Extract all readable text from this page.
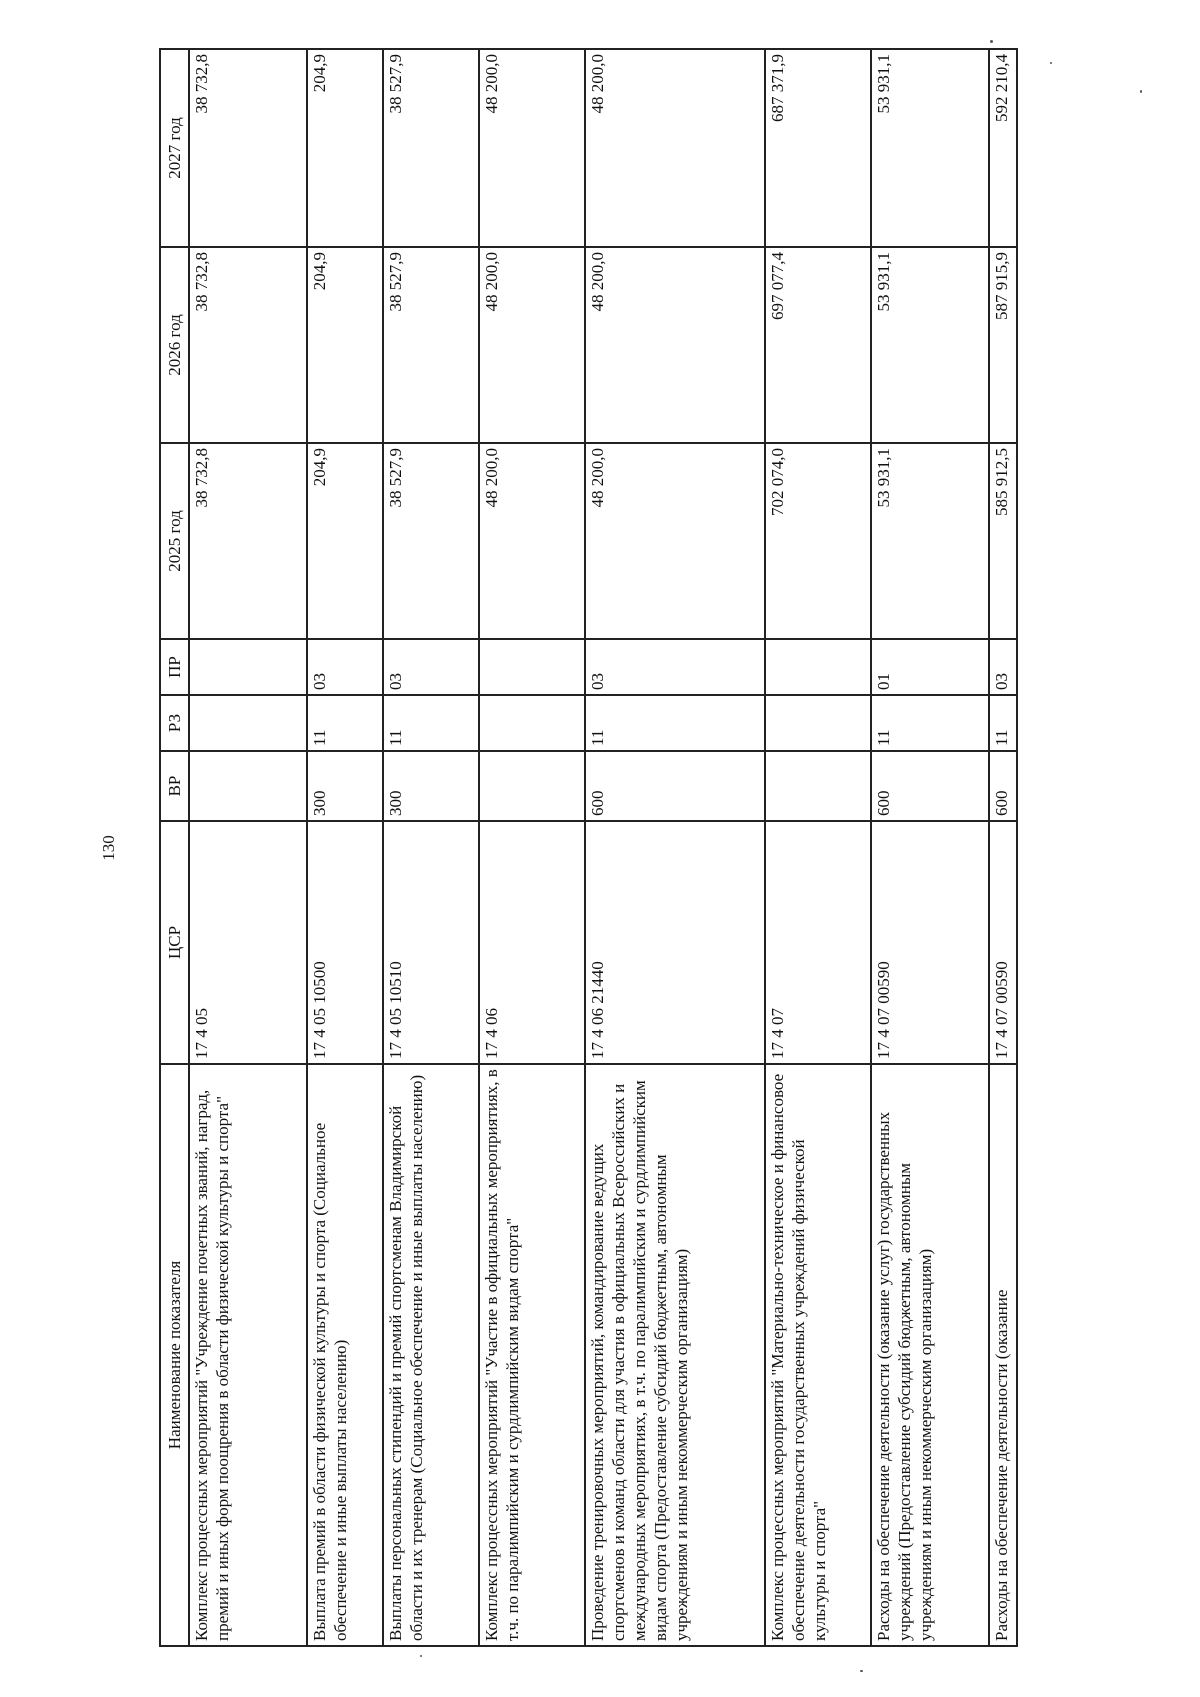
130
Наименование показателя	ЦСР	ВР	РЗ	ПР	2025 год	2026 год	2027 год
Комплекс процессных мероприятий "Учреждение почетных званий, наград, премий и иных форм поощрения в области физической культуры и спорта"	17 4 05				38 732,8	38 732,8	38 732,8
Выплата премий в области физической культуры и спорта (Социальное обеспечение и иные выплаты населению)	17 4 05 10500	300	11	03	204,9	204,9	204,9
Выплаты персональных стипендий и премий спортсменам Владимирской области и их тренерам (Социальное обеспечение и иные выплаты населению)	17 4 05 10510	300	11	03	38 527,9	38 527,9	38 527,9
Комплекс процессных мероприятий "Участие в официальных мероприятиях, в т.ч. по паралимпийским и сурдлимпийским видам спорта"	17 4 06				48 200,0	48 200,0	48 200,0
Проведение тренировочных мероприятий, командирование ведущих спортсменов и команд области для участия в официальных Всероссийских и международных мероприятиях, в т.ч. по паралимпийским и сурдлимпийским видам спорта (Предоставление субсидий бюджетным, автономным учреждениям и иным некоммерческим организациям)	17 4 06 21440	600	11	03	48 200,0	48 200,0	48 200,0
Комплекс процессных мероприятий "Материально-техническое и финансовое обеспечение деятельности государственных учреждений физической культуры и спорта"	17 4 07				702 074,0	697 077,4	687 371,9
Расходы на обеспечение деятельности (оказание услуг) государственных учреждений (Предоставление субсидий бюджетным, автономным учреждениям и иным некоммерческим организациям)	17 4 07 00590	600	11	01	53 931,1	53 931,1	53 931,1
Расходы на обеспечение деятельности (оказание	17 4 07 00590	600	11	03	585 912,5	587 915,9	592 210,4
